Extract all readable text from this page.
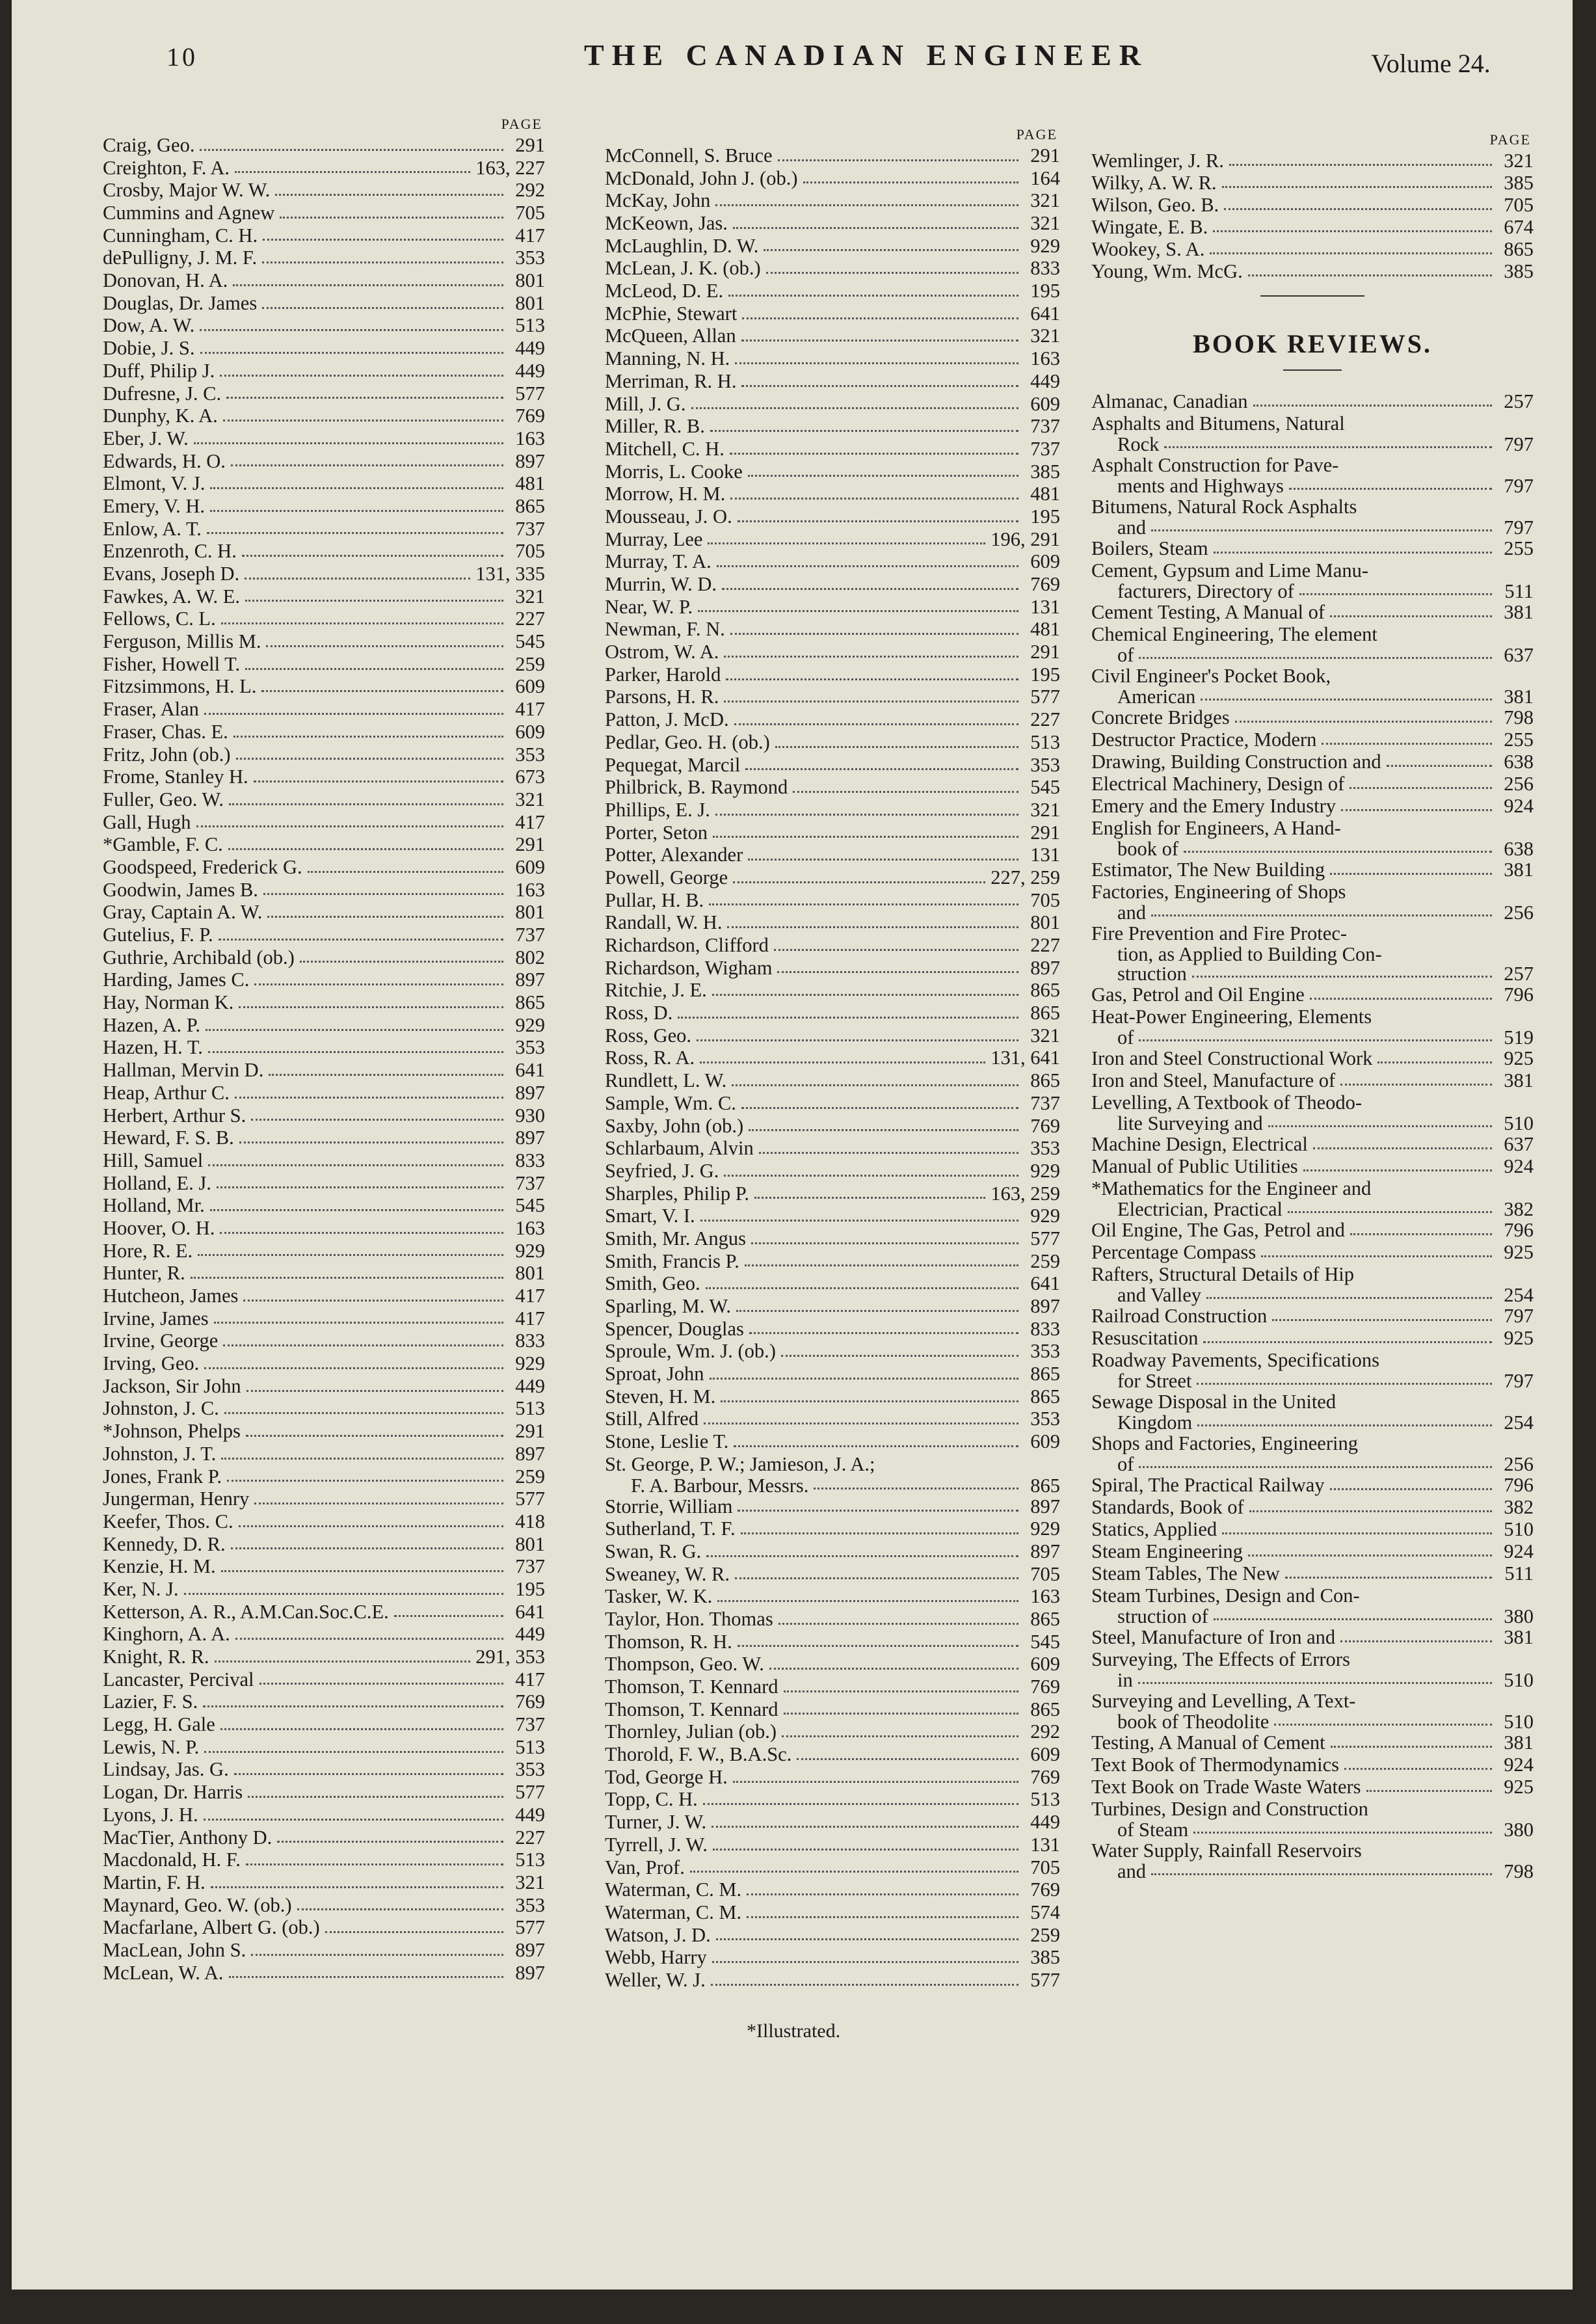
10	THE CANADIAN ENGINEER	Volume 24.
PAGE
Craig, Geo.	291
Creighton, F. A.	163, 227
Crosby, Major W. W.	292
Cummins and Agnew	705
Cunningham, C. H.	417
dePulligny, J. M. F.	353
Donovan, H. A.	801
Douglas, Dr. James	801
Dow, A. W.	513
Dobie, J. S.	449
Duff, Philip J.	449
Dufresne, J. C.	577
Dunphy, K. A.	769
Eber, J. W.	163
Edwards, H. O.	897
Elmont, V. J.	481
Emery, V. H.	865
Enlow, A. T.	737
Enzenroth, C. H.	705
Evans, Joseph D.	131, 335
Fawkes, A. W. E.	321
Fellows, C. L.	227
Ferguson, Millis M.	545
Fisher, Howell T.	259
Fitzsimmons, H. L.	609
Fraser, Alan	417
Fraser, Chas. E.	609
Fritz, John (ob.)	353
Frome, Stanley H.	673
Fuller, Geo. W.	321
Gall, Hugh	417
*Gamble, F. C.	291
Goodspeed, Frederick G.	609
Goodwin, James B.	163
Gray, Captain A. W.	801
Gutelius, F. P.	737
Guthrie, Archibald (ob.)	802
Harding, James C.	897
Hay, Norman K.	865
Hazen, A. P.	929
Hazen, H. T.	353
Hallman, Mervin D.	641
Heap, Arthur C.	897
Herbert, Arthur S.	930
Heward, F. S. B.	897
Hill, Samuel	833
Holland, E. J.	737
Holland, Mr.	545
Hoover, O. H.	163
Hore, R. E.	929
Hunter, R.	801
Hutcheon, James	417
Irvine, James	417
Irvine, George	833
Irving, Geo.	929
Jackson, Sir John	449
Johnston, J. C.	513
*Johnson, Phelps	291
Johnston, J. T.	897
Jones, Frank P.	259
Jungerman, Henry	577
Keefer, Thos. C.	418
Kennedy, D. R.	801
Kenzie, H. M.	737
Ker, N. J.	195
Ketterson, A. R., A.M.Can.Soc.C.E.	641
Kinghorn, A. A.	449
Knight, R. R.	291, 353
Lancaster, Percival	417
Lazier, F. S.	769
Legg, H. Gale	737
Lewis, N. P.	513
Lindsay, Jas. G.	353
Logan, Dr. Harris	577
Lyons, J. H.	449
MacTier, Anthony D.	227
Macdonald, H. F.	513
Martin, F. H.	321
Maynard, Geo. W. (ob.)	353
Macfarlane, Albert G. (ob.)	577
MacLean, John S.	897
McLean, W. A.	897
PAGE
McConnell, S. Bruce	291
McDonald, John J. (ob.)	164
McKay, John	321
McKeown, Jas.	321
McLaughlin, D. W.	929
McLean, J. K. (ob.)	833
McLeod, D. E.	195
McPhie, Stewart	641
McQueen, Allan	321
Manning, N. H.	163
Merriman, R. H.	449
Mill, J. G.	609
Miller, R. B.	737
Mitchell, C. H.	737
Morris, L. Cooke	385
Morrow, H. M.	481
Mousseau, J. O.	195
Murray, Lee	196, 291
Murray, T. A.	609
Murrin, W. D.	769
Near, W. P.	131
Newman, F. N.	481
Ostrom, W. A.	291
Parker, Harold	195
Parsons, H. R.	577
Patton, J. McD.	227
Pedlar, Geo. H. (ob.)	513
Pequegat, Marcil	353
Philbrick, B. Raymond	545
Phillips, E. J.	321
Porter, Seton	291
Potter, Alexander	131
Powell, George	227, 259
Pullar, H. B.	705
Randall, W. H.	801
Richardson, Clifford	227
Richardson, Wigham	897
Ritchie, J. E.	865
Ross, D.	865
Ross, Geo.	321
Ross, R. A.	131, 641
Rundlett, L. W.	865
Sample, Wm. C.	737
Saxby, John (ob.)	769
Schlarbaum, Alvin	353
Seyfried, J. G.	929
Sharples, Philip P.	163, 259
Smart, V. I.	929
Smith, Mr. Angus	577
Smith, Francis P.	259
Smith, Geo.	641
Sparling, M. W.	897
Spencer, Douglas	833
Sproule, Wm. J. (ob.)	353
Sproat, John	865
Steven, H. M.	865
Still, Alfred	353
Stone, Leslie T.	609
St. George, P. W.; Jamieson, J. A.;
F. A. Barbour, Messrs.	865
Storrie, William	897
Sutherland, T. F.	929
Swan, R. G.	897
Sweaney, W. R.	705
Tasker, W. K.	163
Taylor, Hon. Thomas	865
Thomson, R. H.	545
Thompson, Geo. W.	609
Thomson, T. Kennard	769
Thomson, T. Kennard	865
Thornley, Julian (ob.)	292
Thorold, F. W., B.A.Sc.	609
Tod, George H.	769
Topp, C. H.	513
Turner, J. W.	449
Tyrrell, J. W.	131
Van, Prof.	705
Waterman, C. M.	769
Waterman, C. M.	574
Watson, J. D.	259
Webb, Harry	385
Weller, W. J.	577
PAGE
Wemlinger, J. R.	321
Wilky, A. W. R.	385
Wilson, Geo. B.	705
Wingate, E. B.	674
Wookey, S. A.	865
Young, Wm. McG.	385
BOOK REVIEWS.
Almanac, Canadian	257
Asphalts and Bitumens, Natural
Rock	797
Asphalt Construction for Pave-
ments and Highways	797
Bitumens, Natural Rock Asphalts
and	797
Boilers, Steam	255
Cement, Gypsum and Lime Manu-
facturers, Directory of	511
Cement Testing, A Manual of	381
Chemical Engineering, The element
of	637
Civil Engineer's Pocket Book,
American	381
Concrete Bridges	798
Destructor Practice, Modern	255
Drawing, Building Construction and	638
Electrical Machinery, Design of	256
Emery and the Emery Industry	924
English for Engineers, A Hand-
book of	638
Estimator, The New Building	381
Factories, Engineering of Shops
and	256
Fire Prevention and Fire Protec-
tion, as Applied to Building Con-
struction	257
Gas, Petrol and Oil Engine	796
Heat-Power Engineering, Elements
of	519
Iron and Steel Constructional Work	925
Iron and Steel, Manufacture of	381
Levelling, A Textbook of Theodo-
lite Surveying and	510
Machine Design, Electrical	637
Manual of Public Utilities	924
*Mathematics for the Engineer and
Electrician, Practical	382
Oil Engine, The Gas, Petrol and	796
Percentage Compass	925
Rafters, Structural Details of Hip
and Valley	254
Railroad Construction	797
Resuscitation	925
Roadway Pavements, Specifications
for Street	797
Sewage Disposal in the United
Kingdom	254
Shops and Factories, Engineering
of	256
Spiral, The Practical Railway	796
Standards, Book of	382
Statics, Applied	510
Steam Engineering	924
Steam Tables, The New	511
Steam Turbines, Design and Con-
struction of	380
Steel, Manufacture of Iron and	381
Surveying, The Effects of Errors
in	510
Surveying and Levelling, A Text-
book of Theodolite	510
Testing, A Manual of Cement	381
Text Book of Thermodynamics	924
Text Book on Trade Waste Waters	925
Turbines, Design and Construction
of Steam	380
Water Supply, Rainfall Reservoirs
and	798
*Illustrated.
